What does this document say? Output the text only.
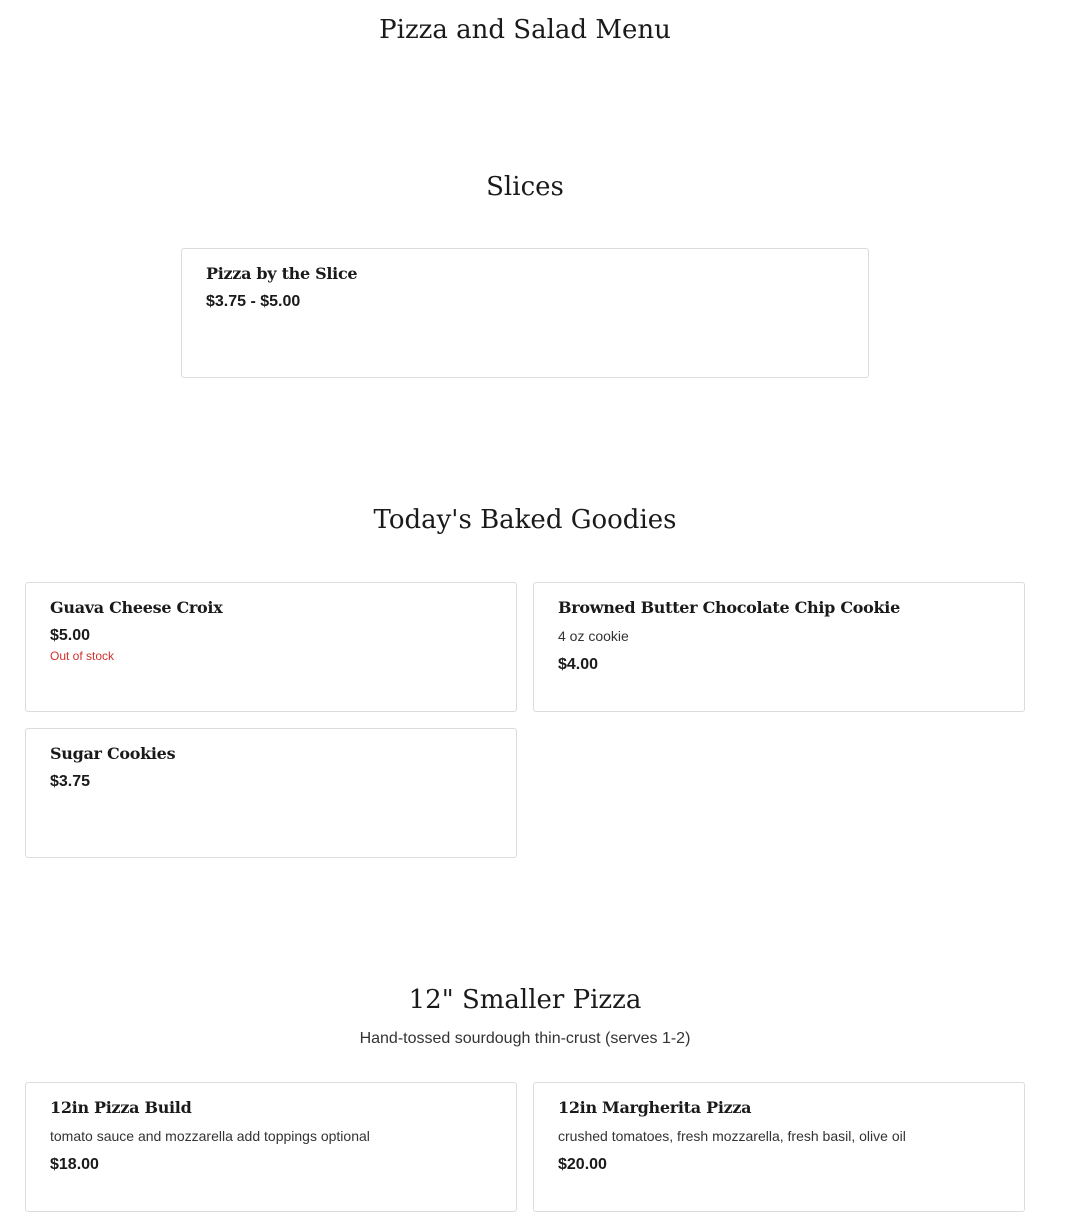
Pizza and Salad Menu
Slices

Pizza by the Slice

$3.75 - $5.00

Today's Baked Goodies

Guava Cheese Croix

$5.00

Out of stock

Browned Butter Chocolate Chip Cookie

4 oz cookie

$4.00

Sugar Cookies

$3.75

12" Smaller Pizza

Hand-tossed sourdough thin-crust (serves 1-2)

12in Pizza Build

tomato sauce and mozzarella add toppings optional

$18.00

12in Margherita Pizza

crushed tomatoes, fresh mozzarella, fresh basil, olive oil

$20.00
